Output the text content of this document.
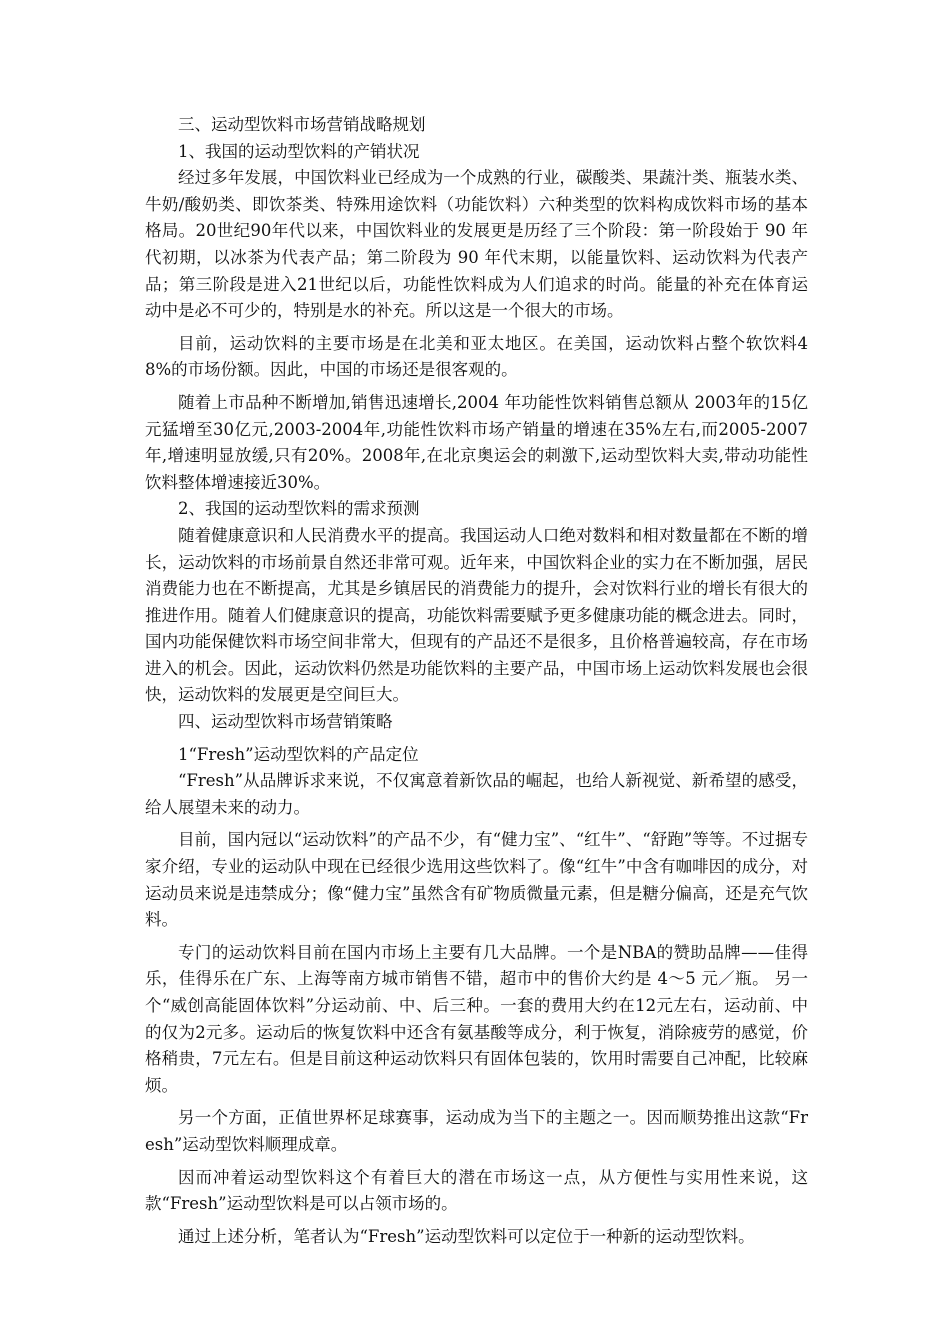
三、运动型饮料市场营销战略规划

1、我国的运动型饮料的产销状况

经过多年发展，中国饮料业已经成为一个成熟的行业，碳酸类、果蔬汁类、瓶装水类、牛奶/酸奶类、即饮茶类、特殊用途饮料（功能饮料）六种类型的饮料构成饮料市场的基本格局。20世纪90年代以来，中国饮料业的发展更是历经了三个阶段：第一阶段始于 90 年代初期，以冰茶为代表产品；第二阶段为 90 年代末期，以能量饮料、运动饮料为代表产品；第三阶段是进入21世纪以后，功能性饮料成为人们追求的时尚。能量的补充在体育运动中是必不可少的，特别是水的补充。所以这是一个很大的市场。

目前，运动饮料的主要市场是在北美和亚太地区。在美国，运动饮料占整个软饮料48%的市场份额。因此，中国的市场还是很客观的。

随着上市品种不断增加,销售迅速增长,2004 年功能性饮料销售总额从 2003年的15亿元猛增至30亿元,2003-2004年,功能性饮料市场产销量的增速在35%左右,而2005-2007年,增速明显放缓,只有20%。2008年,在北京奥运会的刺激下,运动型饮料大卖,带动功能性饮料整体增速接近30%。

2、我国的运动型饮料的需求预测

随着健康意识和人民消费水平的提高。我国运动人口绝对数料和相对数量都在不断的增长，运动饮料的市场前景自然还非常可观。近年来，中国饮料企业的实力在不断加强，居民消费能力也在不断提高，尤其是乡镇居民的消费能力的提升，会对饮料行业的增长有很大的推进作用。随着人们健康意识的提高，功能饮料需要赋予更多健康功能的概念进去。同时，国内功能保健饮料市场空间非常大，但现有的产品还不是很多，且价格普遍较高，存在市场进入的机会。因此，运动饮料仍然是功能饮料的主要产品，中国市场上运动饮料发展也会很快，运动饮料的发展更是空间巨大。

四、运动型饮料市场营销策略

1“Fresh”运动型饮料的产品定位

“Fresh”从品牌诉求来说，不仅寓意着新饮品的崛起，也给人新视觉、新希望的感受，给人展望未来的动力。

目前，国内冠以“运动饮料”的产品不少，有“健力宝”、“红牛”、“舒跑”等等。不过据专家介绍，专业的运动队中现在已经很少选用这些饮料了。像“红牛”中含有咖啡因的成分，对运动员来说是违禁成分；像“健力宝”虽然含有矿物质微量元素，但是糖分偏高，还是充气饮料。

专门的运动饮料目前在国内市场上主要有几大品牌。一个是NBA的赞助品牌——佳得乐，佳得乐在广东、上海等南方城市销售不错，超市中的售价大约是 4～5 元／瓶。 另一个“威创高能固体饮料”分运动前、中、后三种。一套的费用大约在12元左右，运动前、中的仅为2元多。运动后的恢复饮料中还含有氨基酸等成分，利于恢复，消除疲劳的感觉，价格稍贵，7元左右。但是目前这种运动饮料只有固体包装的，饮用时需要自己冲配，比较麻烦。

另一个方面，正值世界杯足球赛事，运动成为当下的主题之一。因而顺势推出这款“Fresh”运动型饮料顺理成章。

因而冲着运动型饮料这个有着巨大的潜在市场这一点，从方便性与实用性来说，这款“Fresh”运动型饮料是可以占领市场的。

通过上述分析，笔者认为“Fresh”运动型饮料可以定位于一种新的运动型饮料。
